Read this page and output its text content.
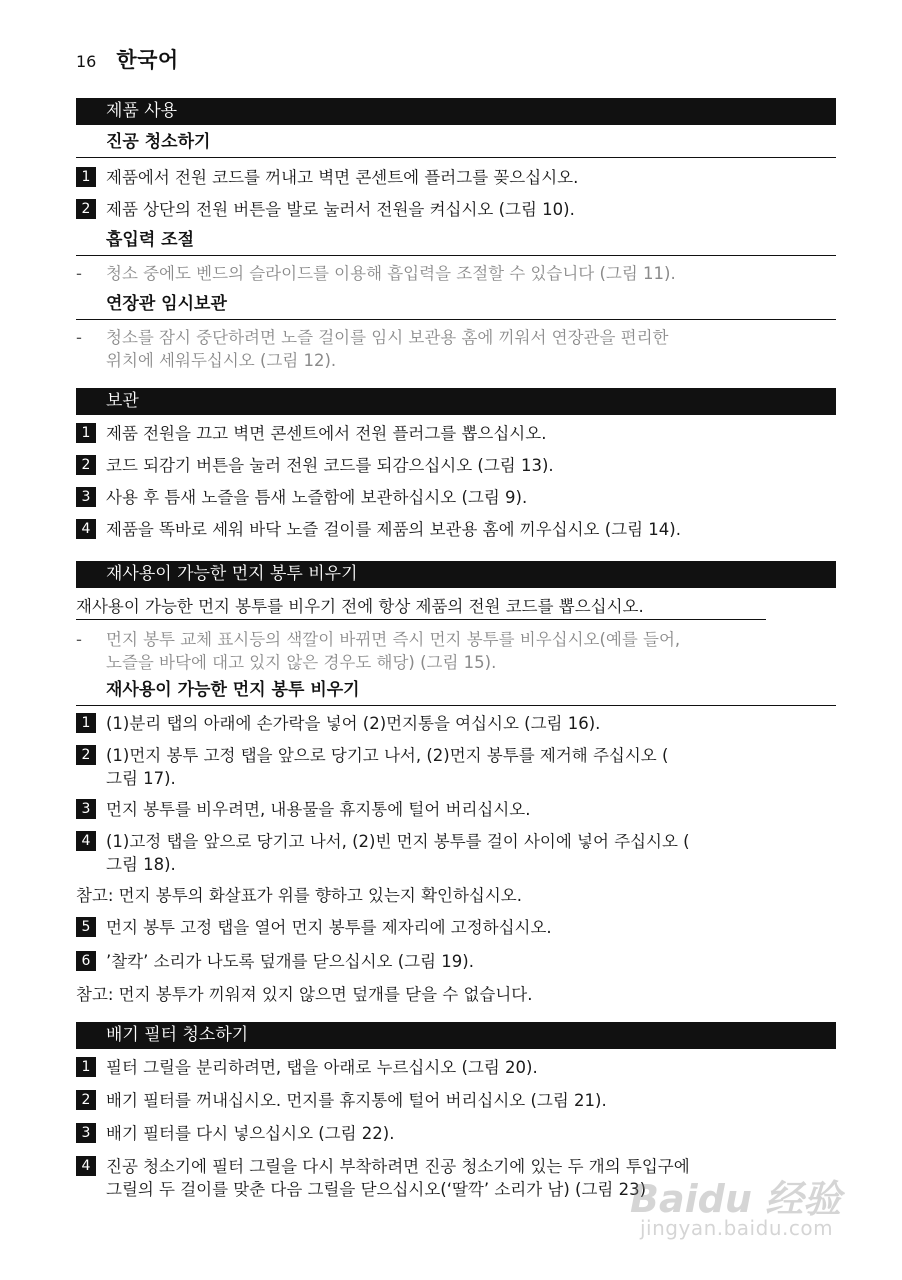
16 한국어
제품 사용
진공 청소하기
1 제품에서 전원 코드를 꺼내고 벽면 콘센트에 플러그를 꽂으십시오.
2 제품 상단의 전원 버튼을 발로 눌러서 전원을 켜십시오 (그림 10).
흡입력 조절
-	청소 중에도 벤드의 슬라이드를 이용해 흡입력을 조절할 수 있습니다 (그림 11).
연장관 임시보관
-	청소를 잠시 중단하려면 노즐 걸이를 임시 보관용 홈에 끼워서 연장관을 편리한
위치에 세워두십시오 (그림 12).
보관
1 제품 전원을 끄고 벽면 콘센트에서 전원 플러그를 뽑으십시오.
2 코드 되감기 버튼을 눌러 전원 코드를 되감으십시오 (그림 13).
3 사용 후 틈새 노즐을 틈새 노즐함에 보관하십시오 (그림 9).
4 제품을 똑바로 세워 바닥 노즐 걸이를 제품의 보관용 홈에 끼우십시오 (그림 14).
재사용이 가능한 먼지 봉투 비우기
재사용이 가능한 먼지 봉투를 비우기 전에 항상 제품의 전원 코드를 뽑으십시오.
-	먼지 봉투 교체 표시등의 색깔이 바뀌면 즉시 먼지 봉투를 비우십시오(예를 들어,
노즐을 바닥에 대고 있지 않은 경우도 해당) (그림 15).
재사용이 가능한 먼지 봉투 비우기
1 (1)분리 탭의 아래에 손가락을 넣어 (2)먼지통을 여십시오 (그림 16).
2 (1)먼지 봉투 고정 탭을 앞으로 당기고 나서, (2)먼지 봉투를 제거해 주십시오 (
그림 17).
3 먼지 봉투를 비우려면, 내용물을 휴지통에 털어 버리십시오.
4 (1)고정 탭을 앞으로 당기고 나서, (2)빈 먼지 봉투를 걸이 사이에 넣어 주십시오 (
그림 18).
참고: 먼지 봉투의 화살표가 위를 향하고 있는지 확인하십시오.
5 먼지 봉투 고정 탭을 열어 먼지 봉투를 제자리에 고정하십시오.
6 ’찰칵’ 소리가 나도록 덮개를 닫으십시오 (그림 19).
참고: 먼지 봉투가 끼워져 있지 않으면 덮개를 닫을 수 없습니다.
배기 필터 청소하기
1 필터 그릴을 분리하려면, 탭을 아래로 누르십시오 (그림 20).
2 배기 필터를 꺼내십시오. 먼지를 휴지통에 털어 버리십시오 (그림 21).
3 배기 필터를 다시 넣으십시오 (그림 22).
4 진공 청소기에 필터 그릴을 다시 부착하려면 진공 청소기에 있는 두 개의 투입구에
그릴의 두 걸이를 맞춘 다음 그릴을 닫으십시오(‘딸깍’ 소리가 남) (그림 23)
Baidu 经验
jingyan.baidu.com
